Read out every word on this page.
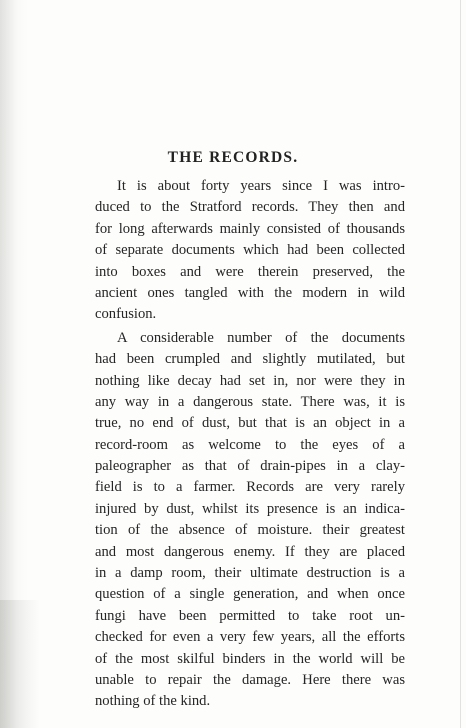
THE RECORDS.
It is about forty years since I was intro-
duced to the Stratford records. They then and
for long afterwards mainly consisted of thousands
of separate documents which had been collected
into boxes and were therein preserved, the
ancient ones tangled with the modern in wild
confusion.
A considerable number of the documents
had been crumpled and slightly mutilated, but
nothing like decay had set in, nor were they in
any way in a dangerous state. There was, it is
true, no end of dust, but that is an object in a
record-room as welcome to the eyes of a
paleographer as that of drain-pipes in a clay-
field is to a farmer. Records are very rarely
injured by dust, whilst its presence is an indica-
tion of the absence of moisture. their greatest
and most dangerous enemy. If they are placed
in a damp room, their ultimate destruction is a
question of a single generation, and when once
fungi have been permitted to take root un-
checked for even a very few years, all the efforts
of the most skilful binders in the world will be
unable to repair the damage. Here there was
nothing of the kind.
